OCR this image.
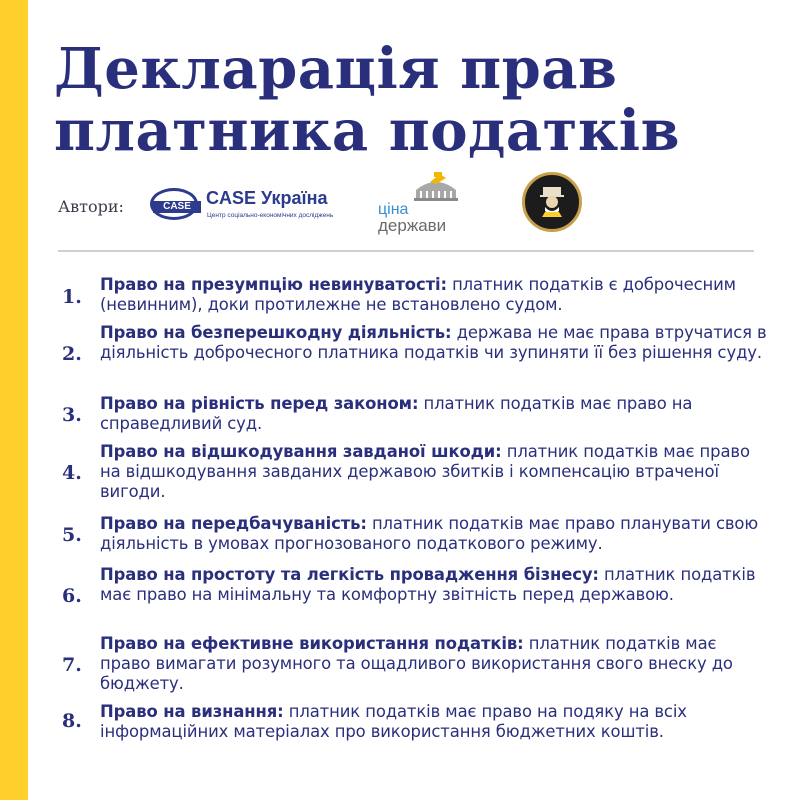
Декларація прав
платника податків
Автори:	CASE CASE Україна
Центр соціально-економічних досліджень	ціна
держави
1.
Право на презумпцію невинуватості: платник податків є доброчесним (невинним), доки протилежне не встановлено судом.
2.
Право на безперешкодну діяльність: держава не має права втручатися в діяльність доброчесного платника податків чи зупиняти її без рішення суду.
3.
Право на рівність перед законом: платник податків має право на справедливий суд.
4.
Право на відшкодування завданої шкоди: платник податків має право на відшкодування завданих державою збитків і компенсацію втраченої вигоди.
5.
Право на передбачуваність: платник податків має право планувати свою діяльність в умовах прогнозованого податкового режиму.
6.
Право на простоту та легкість провадження бізнесу: платник податків має право на мінімальну та комфортну звітність перед державою.
7.
Право на ефективне використання податків: платник податків має право вимагати розумного та ощадливого використання свого внеску до бюджету.
8. Право на визнання: платник податків має право на подяку на всіх інформаційних матеріалах про використання бюджетних коштів.
